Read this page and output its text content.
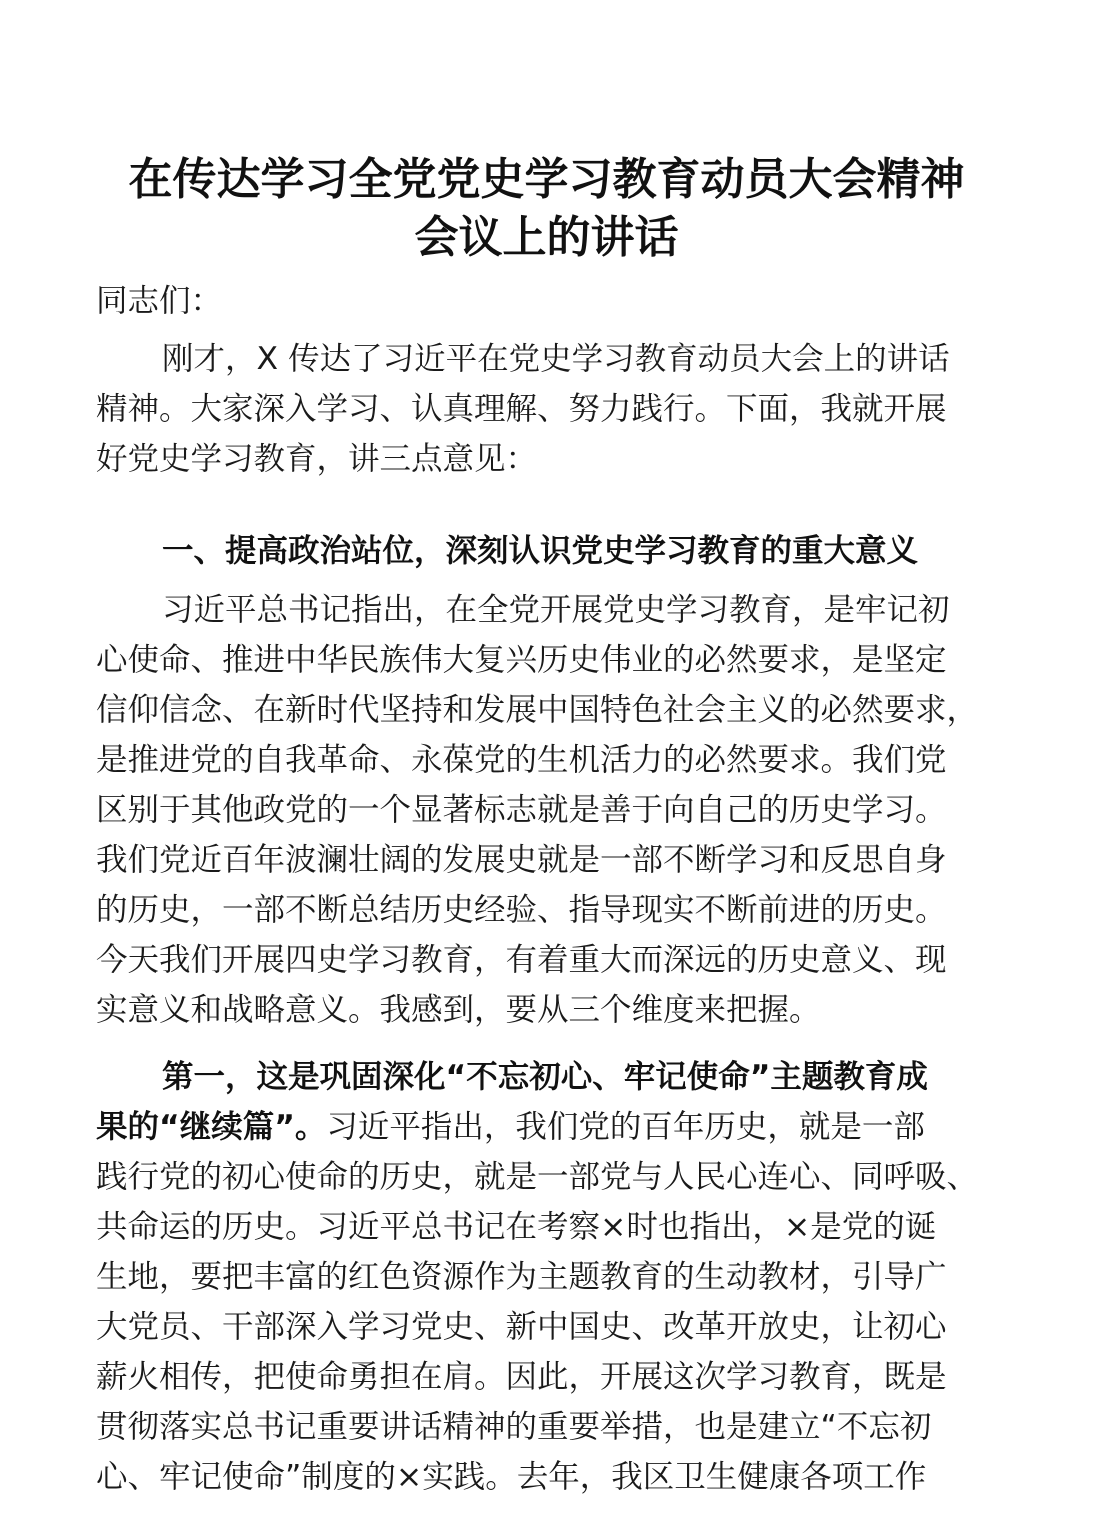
在传达学习全党党史学习教育动员大会精神
会议上的讲话
同志们：
刚才，X 传达了习近平在党史学习教育动员大会上的讲话
精神。大家深入学习、认真理解、努力践行。下面，我就开展
好党史学习教育，讲三点意见：
一、提高政治站位，深刻认识党史学习教育的重大意义
习近平总书记指出，在全党开展党史学习教育，是牢记初
心使命、推进中华民族伟大复兴历史伟业的必然要求，是坚定
信仰信念、在新时代坚持和发展中国特色社会主义的必然要求，
是推进党的自我革命、永葆党的生机活力的必然要求。我们党
区别于其他政党的一个显著标志就是善于向自己的历史学习。
我们党近百年波澜壮阔的发展史就是一部不断学习和反思自身
的历史，一部不断总结历史经验、指导现实不断前进的历史。
今天我们开展四史学习教育，有着重大而深远的历史意义、现
实意义和战略意义。我感到，要从三个维度来把握。
第一，这是巩固深化“不忘初心、牢记使命”主题教育成
果的“继续篇”。习近平指出，我们党的百年历史，就是一部
践行党的初心使命的历史，就是一部党与人民心连心、同呼吸、
共命运的历史。习近平总书记在考察×时也指出，×是党的诞
生地，要把丰富的红色资源作为主题教育的生动教材，引导广
大党员、干部深入学习党史、新中国史、改革开放史，让初心
薪火相传，把使命勇担在肩。因此，开展这次学习教育，既是
贯彻落实总书记重要讲话精神的重要举措，也是建立“不忘初
心、牢记使命”制度的×实践。去年，我区卫生健康各项工作
